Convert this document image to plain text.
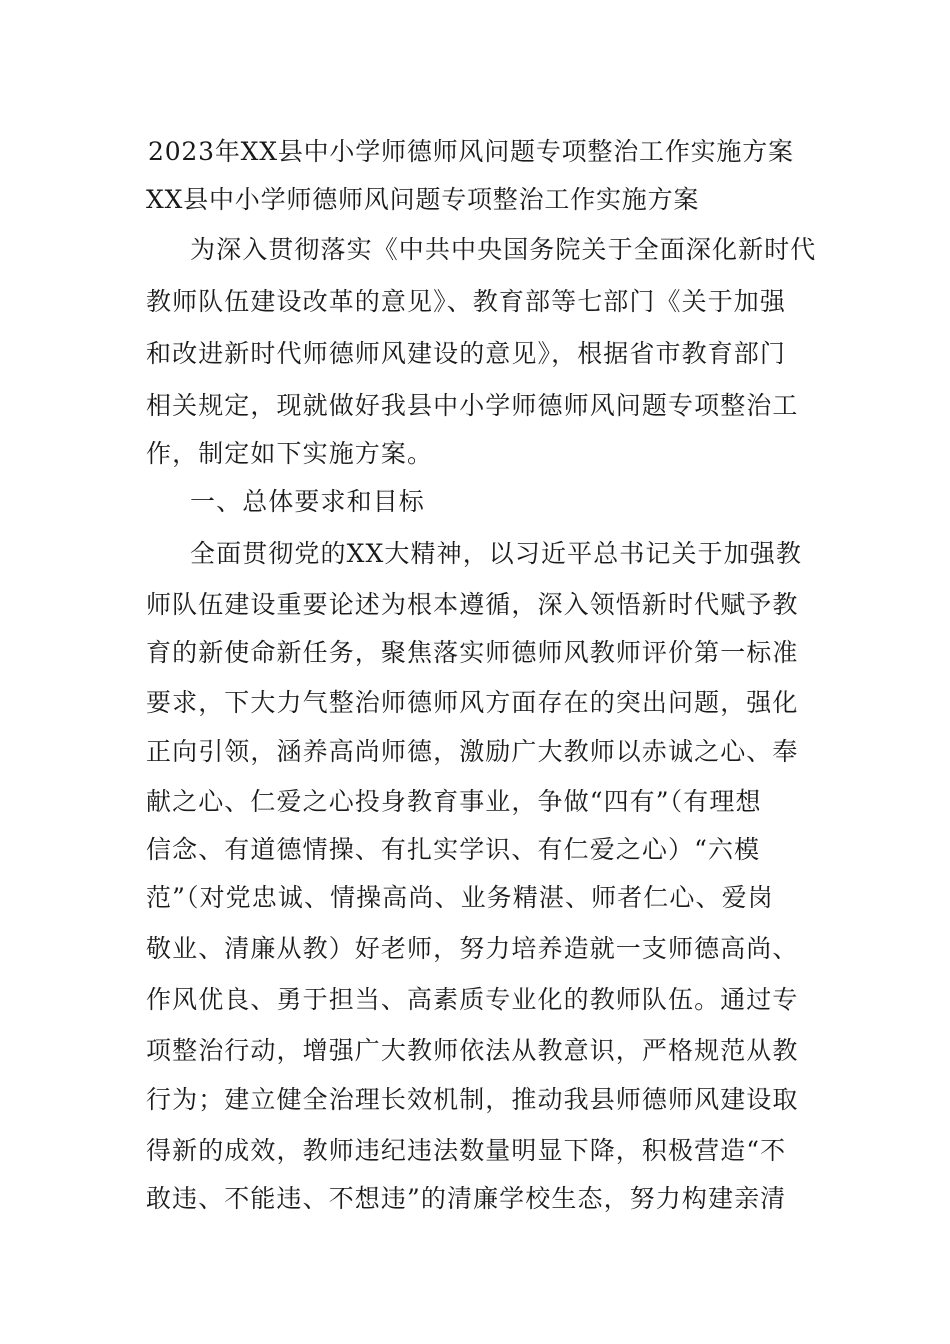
2023年XX县中小学师德师风问题专项整治工作实施方案
XX县中小学师德师风问题专项整治工作实施方案
为深入贯彻落实《中共中央国务院关于全面深化新时代
教师队伍建设改革的意见》、教育部等七部门《关于加强
和改进新时代师德师风建设的意见》，根据省市教育部门
相关规定，现就做好我县中小学师德师风问题专项整治工
作，制定如下实施方案。
一、总体要求和目标
全面贯彻党的XX大精神，以习近平总书记关于加强教
师队伍建设重要论述为根本遵循，深入领悟新时代赋予教
育的新使命新任务，聚焦落实师德师风教师评价第一标准
要求，下大力气整治师德师风方面存在的突出问题，强化
正向引领，涵养高尚师德，激励广大教师以赤诚之心、奉
献之心、仁爱之心投身教育事业，争做“四有”（有理想
信念、有道德情操、有扎实学识、有仁爱之心）“六模
范”（对党忠诚、情操高尚、业务精湛、师者仁心、爱岗
敬业、清廉从教）好老师，努力培养造就一支师德高尚、
作风优良、勇于担当、高素质专业化的教师队伍。通过专
项整治行动，增强广大教师依法从教意识，严格规范从教
行为；建立健全治理长效机制，推动我县师德师风建设取
得新的成效，教师违纪违法数量明显下降，积极营造“不
敢违、不能违、不想违”的清廉学校生态，努力构建亲清
